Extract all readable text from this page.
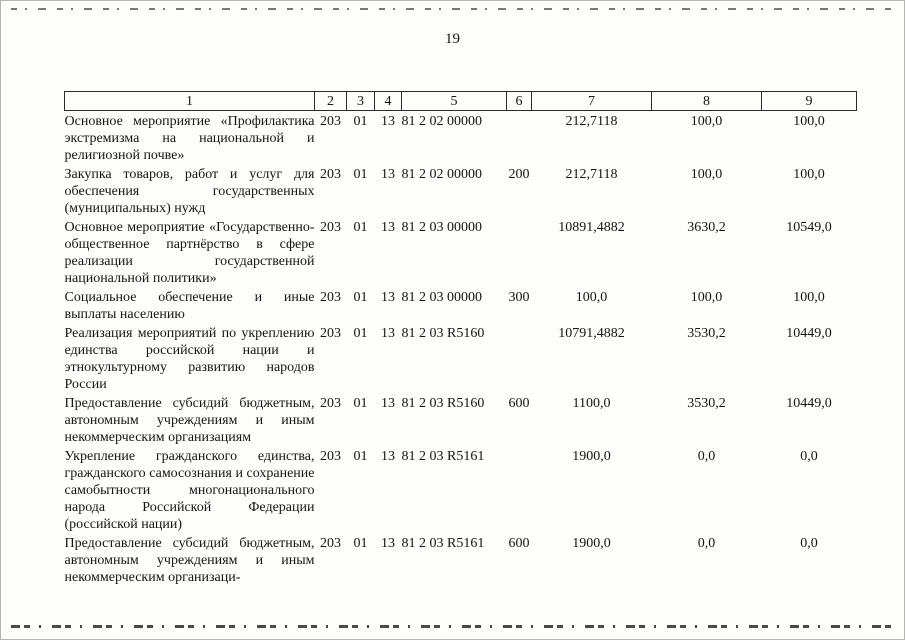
19
1	2	3	4	5	6	7	8	9
Основное мероприятие «Профилактика экстремизма на национальной и религиозной почве»	203	01	13	81 2 02 00000		212,7118	100,0	100,0
Закупка товаров, работ и услуг для обеспечения государственных (муниципальных) нужд	203	01	13	81 2 02 00000	200	212,7118	100,0	100,0
Основное мероприятие «Государственно-общественное партнёрство в сфере реализации государственной национальной политики»	203	01	13	81 2 03 00000		10891,4882	3630,2	10549,0
Социальное обеспечение и иные выплаты населению	203	01	13	81 2 03 00000	300	100,0	100,0	100,0
Реализация мероприятий по укреплению единства российской нации и этнокультурному развитию народов России	203	01	13	81 2 03 R5160		10791,4882	3530,2	10449,0
Предоставление субсидий бюджетным, автономным учреждениям и иным некоммерческим организациям	203	01	13	81 2 03 R5160	600	1100,0	3530,2	10449,0
Укрепление гражданского единства, гражданского самосознания и сохранение самобытности многонационального народа Российской Федерации (российской нации)	203	01	13	81 2 03 R5161		1900,0	0,0	0,0
Предоставление субсидий бюджетным, автономным учреждениям и иным некоммерческим организаци-	203	01	13	81 2 03 R5161	600	1900,0	0,0	0,0
